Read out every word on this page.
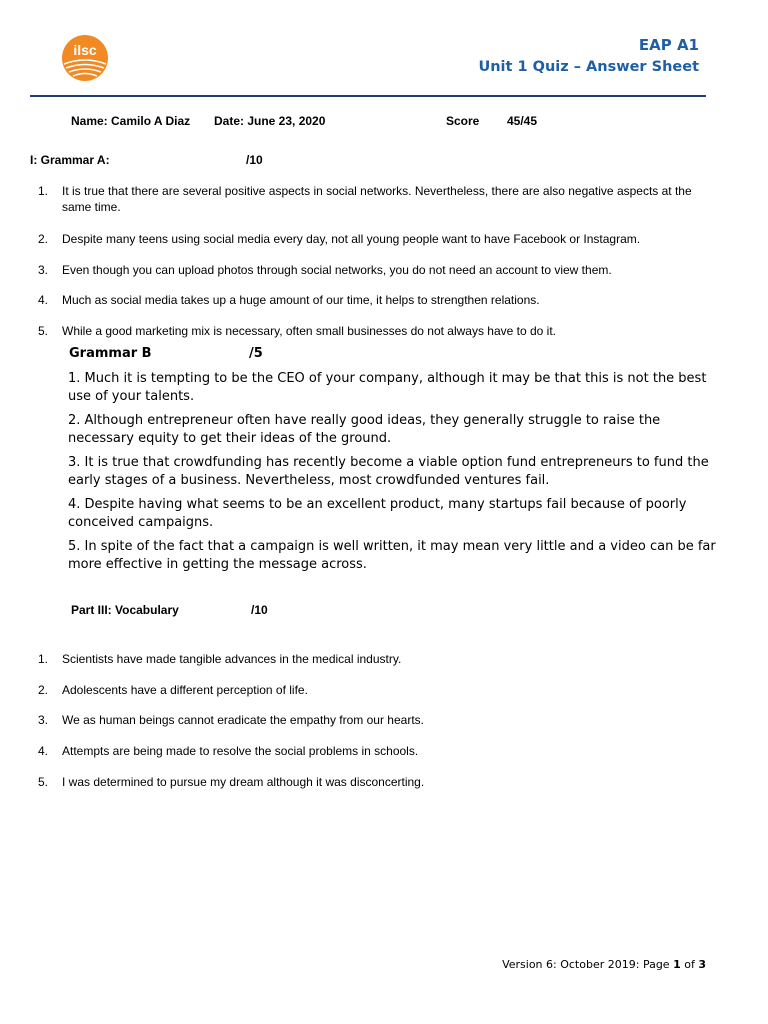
ilsc	EAP A1
Unit 1 Quiz – Answer Sheet
Name: Camilo A Diaz Date: June 23, 2020	Score 45/45
I: Grammar A:	/10
1. It is true that there are several positive aspects in social networks. Nevertheless, there are also negative aspects at the same time.
2. Despite many teens using social media every day, not all young people want to have Facebook or Instagram.
3. Even though you can upload photos through social networks, you do not need an account to view them.
4. Much as social media takes up a huge amount of our time, it helps to strengthen relations.
5. While a good marketing mix is necessary, often small businesses do not always have to do it.
Grammar B	/5
1. Much it is tempting to be the CEO of your company, although it may be that this is not the best use of your talents.
2. Although entrepreneur often have really good ideas, they generally struggle to raise the necessary equity to get their ideas of the ground.
3. It is true that crowdfunding has recently become a viable option fund entrepreneurs to fund the early stages of a business. Nevertheless, most crowdfunded ventures fail.
4. Despite having what seems to be an excellent product, many startups fail because of poorly conceived campaigns.
5. In spite of the fact that a campaign is well written, it may mean very little and a video can be far more effective in getting the message across.
Part III: Vocabulary	/10
1. Scientists have made tangible advances in the medical industry.
2. Adolescents have a different perception of life.
3. We as human beings cannot eradicate the empathy from our hearts.
4. Attempts are being made to resolve the social problems in schools.
5. I was determined to pursue my dream although it was disconcerting.
Version 6: October 2019: Page 1 of 3
